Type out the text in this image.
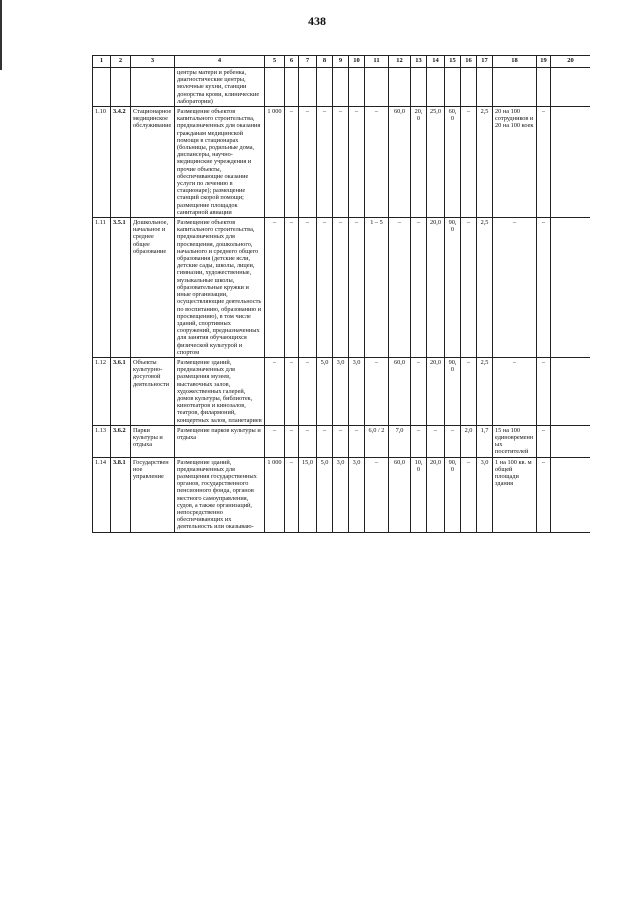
438
1	2	3	4	5	6	7	8	9	10	11	12	13	14	15	16	17	18	19	20
			центры матери и ребенка, диагностические центры, молочные кухни, станции донорства крови, клинические лаборатории)																
1.10	3.4.2	Стационарное медицинское обслуживание	Размещение объектов капитального строительства, предназначенных для оказания гражданам медицинской помощи в стационарах (больницы, родильные дома, диспансеры, научно-медицинские учреждения и прочие объекты, обеспечивающие оказание услуги по лечению в стационаре); размещение станций скорой помощи; размещение площадок санитарной авиации	1 000	–	–	–	–	–	–	60,0	20,0	25,0	60,0	–	2,5	20 на 100 сотрудников и 20 на 100 коек	–	
1.11	3.5.1	Дошкольное, начальное и среднее общее образование	Размещение объектов капитального строительства, предназначенных для просвещения, дошкольного, начального и среднего общего образования (детские ясли, детские сады, школы, лицеи, гимназии, художественные, музыкальные школы, образовательные кружки и иные организации, осуществляющие деятельность по воспитанию, образованию и просвещению), в том числе зданий, спортивных сооружений, предназначенных для занятия обучающихся физической культурой и спортом	–	–	–	–	–	–	1 – 5	–	–	20,0	90,0	–	2,5	–	–	
1.12	3.6.1	Объекты культурно-досуговой деятельности	Размещение зданий, предназначенных для размещения музеев, выставочных залов, художественных галерей, домов культуры, библиотек, кинотеатров и кинозалов, театров, филармоний, концертных залов, планетариев	–	–	–	5,0	3,0	3,0	–	60,0	–	20,0	90,0	–	2,5	–	–	
1.13	3.6.2	Парки культуры и отдыха	Размещение парков культуры и отдыха	–	–	–	–	–	–	6,0 / 2	7,0	–	–	–	2,0	1,7	15 на 100 единовременных посетителей	–	
1.14	3.8.1	Государственное управление	Размещение зданий, предназначенных для размещения государственных органов, государственного пенсионного фонда, органов местного самоуправления, судов, а также организаций, непосредственно обеспечивающих их деятельность или оказываю-	1 000	–	15,0	5,0	3,0	3,0	–	60,0	10,0	20,0	90,0	–	3,0	1 на 100 кв. м общей площади здания	–	
